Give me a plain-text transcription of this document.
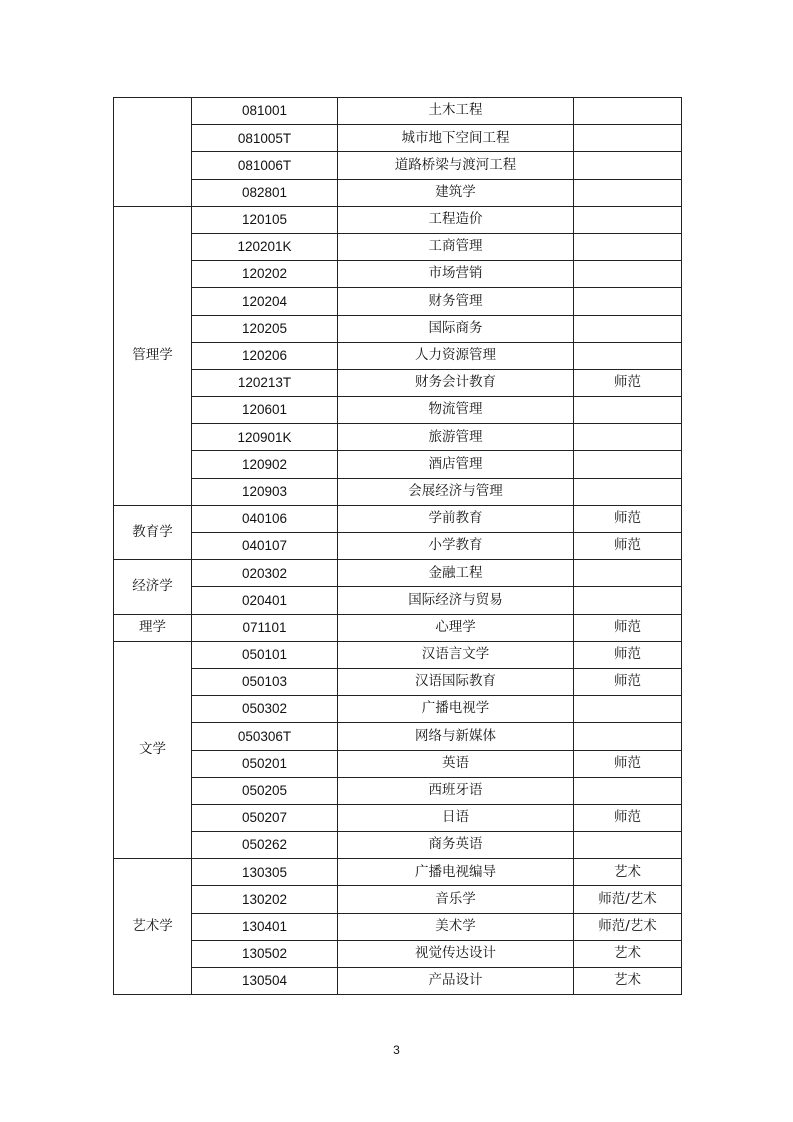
	081001	土木工程	
	081005T	城市地下空间工程	
	081006T	道路桥梁与渡河工程	
	082801	建筑学	
管理学	120105	工程造价	
	120201K	工商管理	
	120202	市场营销	
	120204	财务管理	
	120205	国际商务	
	120206	人力资源管理	
	120213T	财务会计教育	师范
	120601	物流管理	
	120901K	旅游管理	
	120902	酒店管理	
	120903	会展经济与管理	
教育学	040106	学前教育	师范
	040107	小学教育	师范
经济学	020302	金融工程	
	020401	国际经济与贸易	
理学	071101	心理学	师范
文学	050101	汉语言文学	师范
	050103	汉语国际教育	师范
	050302	广播电视学	
	050306T	网络与新媒体	
	050201	英语	师范
	050205	西班牙语	
	050207	日语	师范
	050262	商务英语	
艺术学	130305	广播电视编导	艺术
	130202	音乐学	师范/艺术
	130401	美术学	师范/艺术
	130502	视觉传达设计	艺术
	130504	产品设计	艺术
3
